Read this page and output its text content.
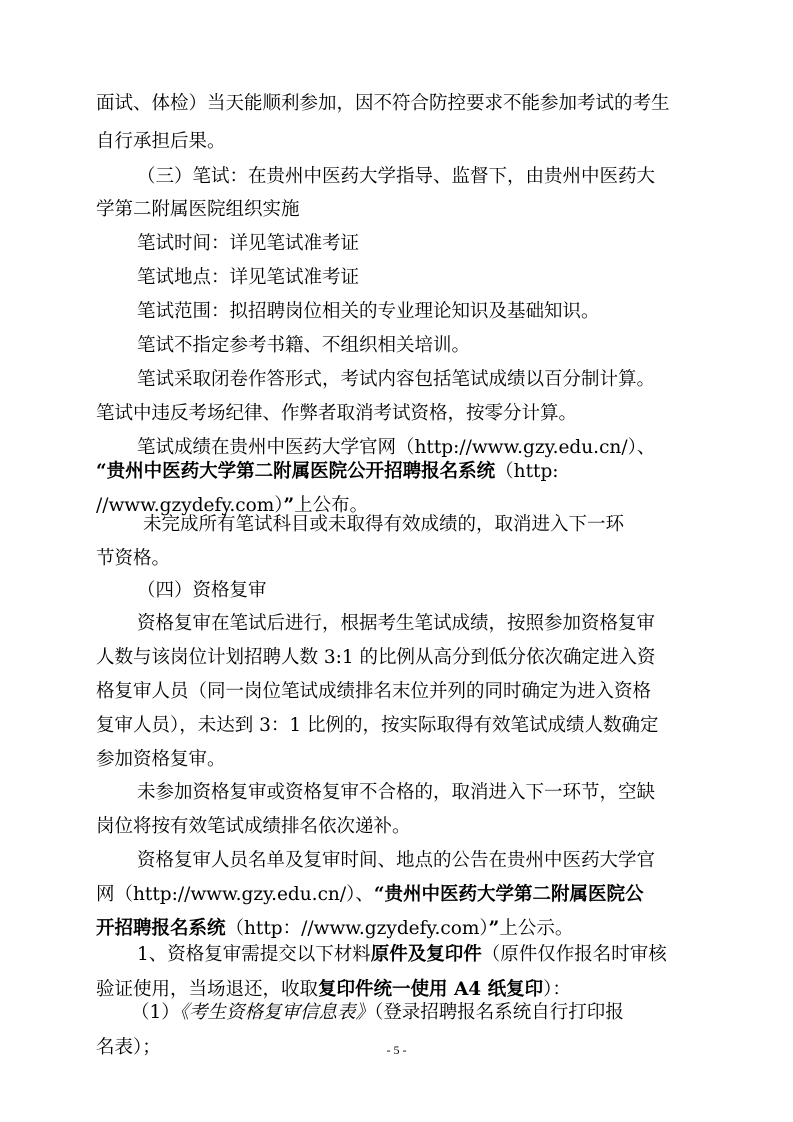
面试、体检）当天能顺利参加，因不符合防控要求不能参加考试的考生
自行承担后果。
（三）笔试：在贵州中医药大学指导、监督下，由贵州中医药大
学第二附属医院组织实施
笔试时间：详见笔试准考证
笔试地点：详见笔试准考证
笔试范围：拟招聘岗位相关的专业理论知识及基础知识。
笔试不指定参考书籍、不组织相关培训。
笔试采取闭卷作答形式，考试内容包括笔试成绩以百分制计算。
笔试中违反考场纪律、作弊者取消考试资格，按零分计算。
笔试成绩在贵州中医药大学官网（http://www.gzy.edu.cn/）、
“贵州中医药大学第二附属医院公开招聘报名系统（http:
//www.gzydefy.com）”上公布。
未完成所有笔试科目或未取得有效成绩的，取消进入下一环
节资格。
（四）资格复审
资格复审在笔试后进行，根据考生笔试成绩，按照参加资格复审
人数与该岗位计划招聘人数 3:1 的比例从高分到低分依次确定进入资
格复审人员（同一岗位笔试成绩排名末位并列的同时确定为进入资格
复审人员），未达到 3：1 比例的，按实际取得有效笔试成绩人数确定
参加资格复审。
未参加资格复审或资格复审不合格的，取消进入下一环节，空缺
岗位将按有效笔试成绩排名依次递补。
资格复审人员名单及复审时间、地点的公告在贵州中医药大学官
网（http://www.gzy.edu.cn/）、“贵州中医药大学第二附属医院公
开招聘报名系统（http：//www.gzydefy.com）”上公示。
1、资格复审需提交以下材料原件及复印件（原件仅作报名时审核
验证使用，当场退还，收取复印件统一使用 A4 纸复印）：
（1）《考生资格复审信息表》（登录招聘报名系统自行打印报
名表）；	- 5 -
